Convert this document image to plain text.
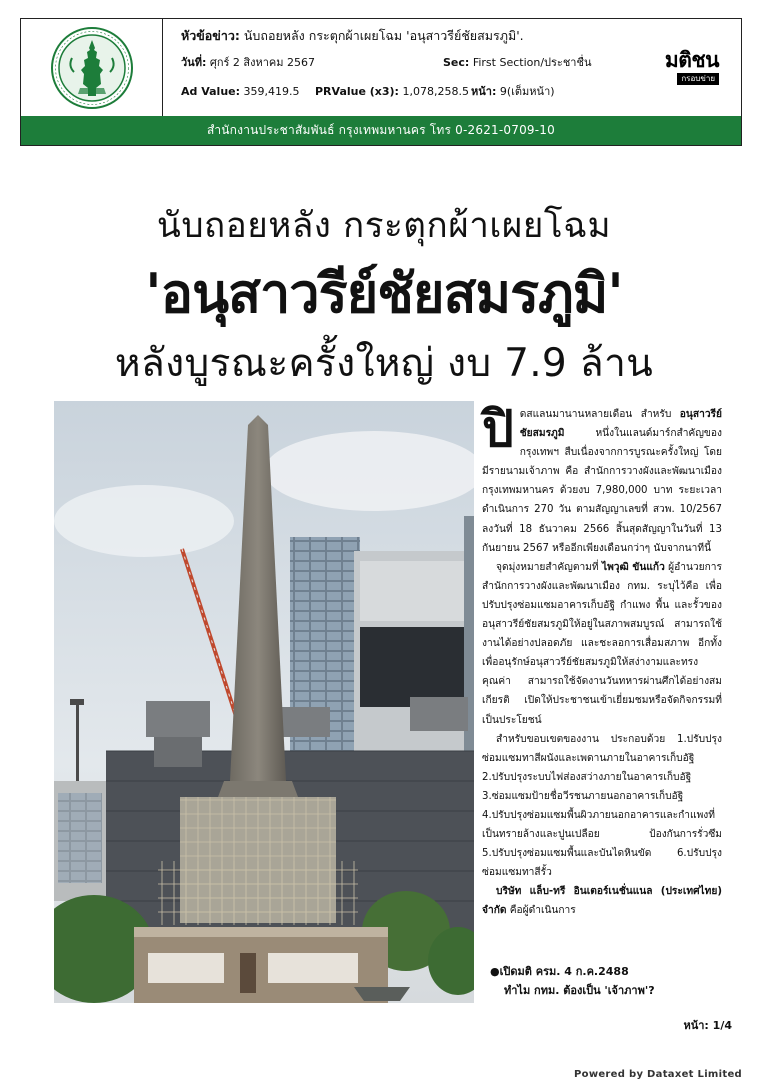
หัวข้อข่าว: นับถอยหลัง กระตุกผ้าเผยโฉม 'อนุสาวรีย์ชัยสมรภูมิ'.
วันที่: ศุกร์ 2 สิงหาคม 2567	Sec: First Section/ประชาชื่น
Ad Value: 359,419.5 PRValue (x3): 1,078,258.5 หน้า: 9(เต็มหน้า)
มติชน
กรอบข่าย
สำนักงานประชาสัมพันธ์ กรุงเทพมหานคร โทร 0-2621-0709-10
นับถอยหลัง กระตุกผ้าเผยโฉม
'อนุสาวรีย์ชัยสมรภูมิ'
หลังบูรณะครั้งใหญ่ งบ 7.9 ล้าน

ปิดสแลนมานานหลายเดือน สำหรับ อนุสาวรีย์ชัยสมรภูมิ หนึ่งในแลนด์มาร์กสำคัญของกรุงเทพฯ สืบเนื่องจากการบูรณะครั้งใหญ่ โดยมีรายนามเจ้าภาพ คือ สำนักการวางผังและพัฒนาเมือง กรุงเทพมหานคร ด้วยงบ 7,980,000 บาท ระยะเวลาดำเนินการ 270 วัน ตามสัญญาเลขที่ สวพ. 10/2567 ลงวันที่ 18 ธันวาคม 2566 สิ้นสุดสัญญาในวันที่ 13 กันยายน 2567 หรืออีกเพียงเดือนกว่าๆ นับจากนาทีนี้

จุดมุ่งหมายสำคัญตามที่ ไพวุฒิ ขันแก้ว ผู้อำนวยการสำนักการวางผังและพัฒนาเมือง กทม. ระบุไว้คือ เพื่อปรับปรุงซ่อมแซมอาคารเก็บอัฐิ กำแพง พื้น และรั้วของอนุสาวรีย์ชัยสมรภูมิให้อยู่ในสภาพสมบูรณ์ สามารถใช้งานได้อย่างปลอดภัย และชะลอการเสื่อมสภาพ อีกทั้งเพื่ออนุรักษ์อนุสาวรีย์ชัยสมรภูมิให้สง่างามและทรงคุณค่า สามารถใช้จัดงานวันทหารผ่านศึกได้อย่างสมเกียรติ เปิดให้ประชาชนเข้าเยี่ยมชมหรือจัดกิจกรรมที่เป็นประโยชน์

สำหรับขอบเขตของงาน ประกอบด้วย 1.ปรับปรุงซ่อมแซมทาสีผนังและเพดานภายในอาคารเก็บอัฐิ 2.ปรับปรุงระบบไฟส่องสว่างภายในอาคารเก็บอัฐิ 3.ซ่อมแซมป้ายชื่อวีรชนภายนอกอาคารเก็บอัฐิ 4.ปรับปรุงซ่อมแซมพื้นผิวภายนอกอาคารและกำแพงที่เป็นทรายล้างและปูนเปลือย ป้องกันการรั่วซึม 5.ปรับปรุงซ่อมแซมพื้นและบันไดหินขัด 6.ปรับปรุงซ่อมแซมทาสีรั้ว

บริษัท แล็บ-ทรี อินเตอร์เนชั่นแนล (ประเทศไทย) จำกัด คือผู้ดำเนินการ

●เปิดมติ ครม. 4 ก.ค.2488
ทำไม กทม. ต้องเป็น 'เจ้าภาพ'?
หน้า: 1/4
Powered by Dataxet Limited
